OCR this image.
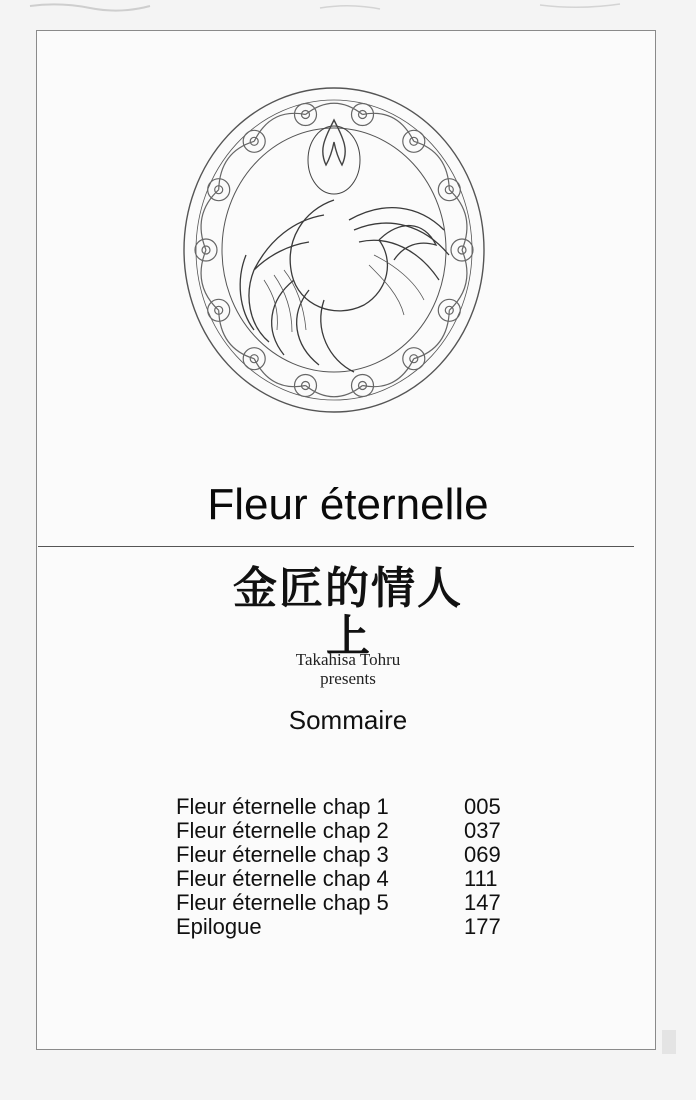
Fleur éternelle
金匠的情人
上
Takahisa Tohru
presents
Sommaire
Fleur éternelle chap 1	005
Fleur éternelle chap 2	037
Fleur éternelle chap 3	069
Fleur éternelle chap 4	111
Fleur éternelle chap 5	147
Epilogue	177
